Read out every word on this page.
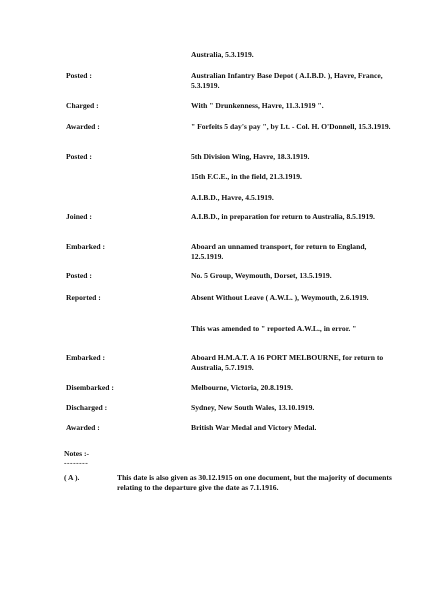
Australia, 5.3.1919.
Posted :	Australian Infantry Base Depot ( A.I.B.D. ), Havre, France, 5.3.1919.
Charged :	With " Drunkenness, Havre, 11.3.1919 ".
Awarded :	" Forfeits 5 day's pay ", by Lt. - Col. H. O'Donnell, 15.3.1919.
Posted :	5th Division Wing, Havre, 18.3.1919.
15th F.C.E., in the field, 21.3.1919.
A.I.B.D., Havre, 4.5.1919.
Joined :	A.I.B.D., in preparation for return to Australia, 8.5.1919.
Embarked :	Aboard an unnamed transport, for return to England, 12.5.1919.
Posted :	No. 5 Group, Weymouth, Dorset, 13.5.1919.
Reported :	Absent Without Leave ( A.W.L. ), Weymouth, 2.6.1919.
This was amended to " reported A.W.L., in error. "
Embarked :	Aboard H.M.A.T. A 16 PORT MELBOURNE, for return to Australia, 5.7.1919.
Disembarked :	Melbourne, Victoria, 20.8.1919.
Discharged :	Sydney, New South Wales, 13.10.1919.
Awarded :	British War Medal and Victory Medal.
Notes :-
--------
( A ).	This date is also given as 30.12.1915 on one document, but the majority of documents relating to the departure give the date as 7.1.1916.
